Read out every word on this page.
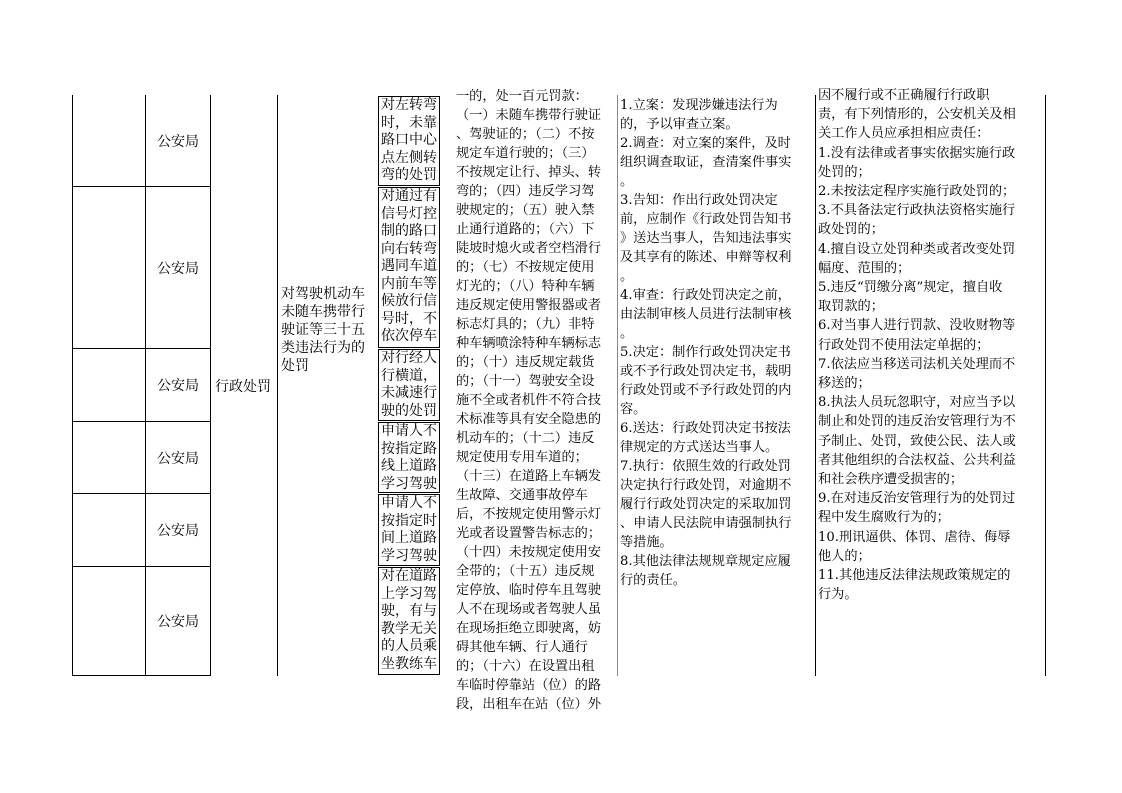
公安局
公安局
公安局
公安局
公安局
公安局
行政处罚
对驾驶机动车未随车携带行驶证等三十五类违法行为的处罚
对左转弯时，未靠路口中心点左侧转弯的处罚
对通过有信号灯控制的路口向右转弯遇同车道内前车等候放行信号时，不依次停车
对行经人行横道，未减速行驶的处罚
申请人不按指定路线上道路学习驾驶
申请人不按指定时间上道路学习驾驶
对在道路上学习驾驶，有与教学无关的人员乘坐教练车
一的，处一百元罚款：
（一）未随车携带行驶证
、驾驶证的；（二）不按
规定车道行驶的；（三）
不按规定让行、掉头、转
弯的；（四）违反学习驾
驶规定的；（五）驶入禁
止通行道路的；（六）下
陡坡时熄火或者空档滑行
的；（七）不按规定使用
灯光的；（八）特种车辆
违反规定使用警报器或者
标志灯具的；（九）非特
种车辆喷涂特种车辆标志
的；（十）违反规定载货
的；（十一）驾驶安全设
施不全或者机件不符合技
术标准等具有安全隐患的
机动车的；（十二）违反
规定使用专用车道的；
（十三）在道路上车辆发
生故障、交通事故停车
后，不按规定使用警示灯
光或者设置警告标志的；
（十四）未按规定使用安
全带的；（十五）违反规
定停放、临时停车且驾驶
人不在现场或者驾驶人虽
在现场拒绝立即驶离，妨
碍其他车辆、行人通行
的；（十六）在设置出租
车临时停靠站（位）的路
段，出租车在站（位）外
1.立案：发现涉嫌违法行为
的，予以审查立案。
2.调查：对立案的案件，及时
组织调查取证，查清案件事实
。
3.告知：作出行政处罚决定
前，应制作《行政处罚告知书
》送达当事人，告知违法事实
及其享有的陈述、申辩等权利
。
4.审查：行政处罚决定之前，
由法制审核人员进行法制审核
。
5.决定：制作行政处罚决定书
或不予行政处罚决定书，载明
行政处罚或不予行政处罚的内
容。
6.送达：行政处罚决定书按法
律规定的方式送达当事人。
7.执行：依照生效的行政处罚
决定执行行政处罚，对逾期不
履行行政处罚决定的采取加罚
、申请人民法院申请强制执行
等措施。
8.其他法律法规规章规定应履
行的责任。
因不履行或不正确履行行政职
责，有下列情形的，公安机关及相
关工作人员应承担相应责任：
1.没有法律或者事实依据实施行政
处罚的；
2.未按法定程序实施行政处罚的；
3.不具备法定行政执法资格实施行
政处罚的；
4.擅自设立处罚种类或者改变处罚
幅度、范围的；
5.违反“罚缴分离”规定，擅自收
取罚款的；
6.对当事人进行罚款、没收财物等
行政处罚不使用法定单据的；
7.依法应当移送司法机关处理而不
移送的；
8.执法人员玩忽职守，对应当予以
制止和处罚的违反治安管理行为不
予制止、处罚，致使公民、法人或
者其他组织的合法权益、公共利益
和社会秩序遭受损害的；
9.在对违反治安管理行为的处罚过
程中发生腐败行为的；
10.刑讯逼供、体罚、虐待、侮辱
他人的；
11.其他违反法律法规政策规定的
行为。
